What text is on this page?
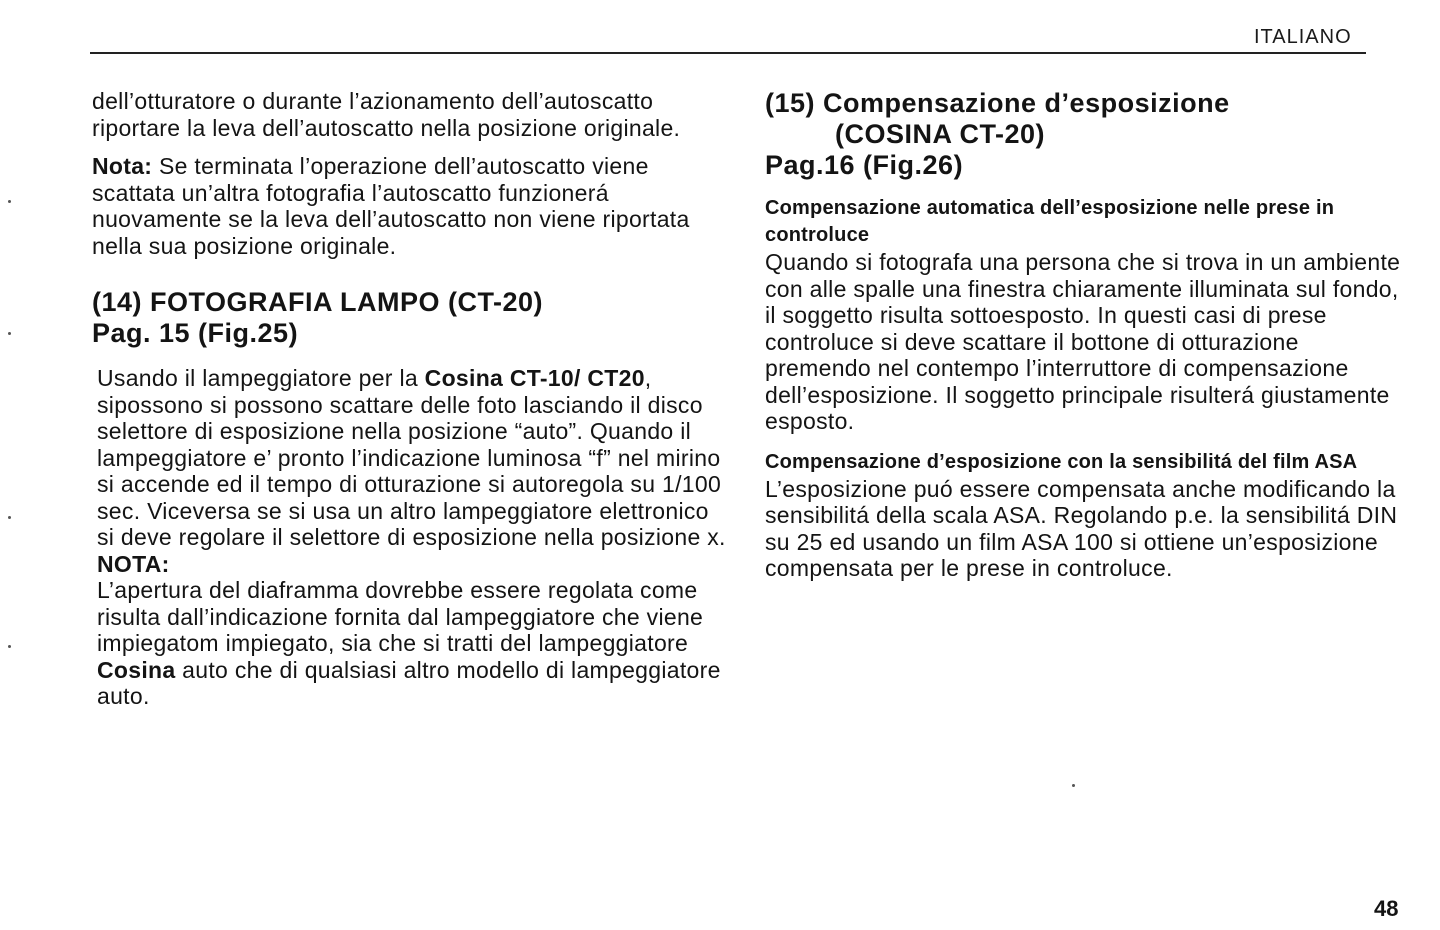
ITALIANO

dell’otturatore o durante l’azionamento dell’autoscatto riportare la leva dell’autoscatto nella posizione originale.

Nota: Se terminata l’operazione dell’autoscatto viene scattata un’altra fotografia l’autoscatto funzionerá nuovamente se la leva dell’autoscatto non viene riportata nella sua posizione originale.

(14) FOTOGRAFIA LAMPO (CT-20)
Pag. 15 (Fig.25)

Usando il lampeggiatore per la Cosina CT-10/ CT20, sipossono si possono scattare delle foto lasciando il disco selettore di esposizione nella posizione “auto”. Quando il lampeggiatore e’ pronto l’indicazione luminosa “f” nel mirino si accende ed il tempo di otturazione si autoregola su 1/100 sec. Viceversa se si usa un altro lampeggiatore elettronico si deve regolare il selettore di esposizione nella posizione x.

NOTA:

L’apertura del diaframma dovrebbe essere regolata come risulta dall’indicazione fornita dal lampeggiatore che viene impiegatom impiegato, sia che si tratti del lampeggiatore Cosina auto che di qualsiasi altro modello di lampeggiatore auto.

(15) Compensazione d’esposizione
(COSINA CT-20)
Pag.16 (Fig.26)
Compensazione automatica dell’esposizione nelle prese in controluce

Quando si fotografa una persona che si trova in un ambiente con alle spalle una finestra chiaramente illuminata sul fondo, il soggetto risulta sottoesposto. In questi casi di prese controluce si deve scattare il bottone di otturazione premendo nel contempo l’interruttore di compensazione dell’esposizione. Il soggetto principale risulterá giustamente esposto.

Compensazione d’esposizione con la sensibilitá del film ASA

L’esposizione puó essere compensata anche modificando la sensibilitá della scala ASA. Regolando p.e. la sensibilitá DIN su 25 ed usando un film ASA 100 si ottiene un’esposizione compensata per le prese in controluce.

48
